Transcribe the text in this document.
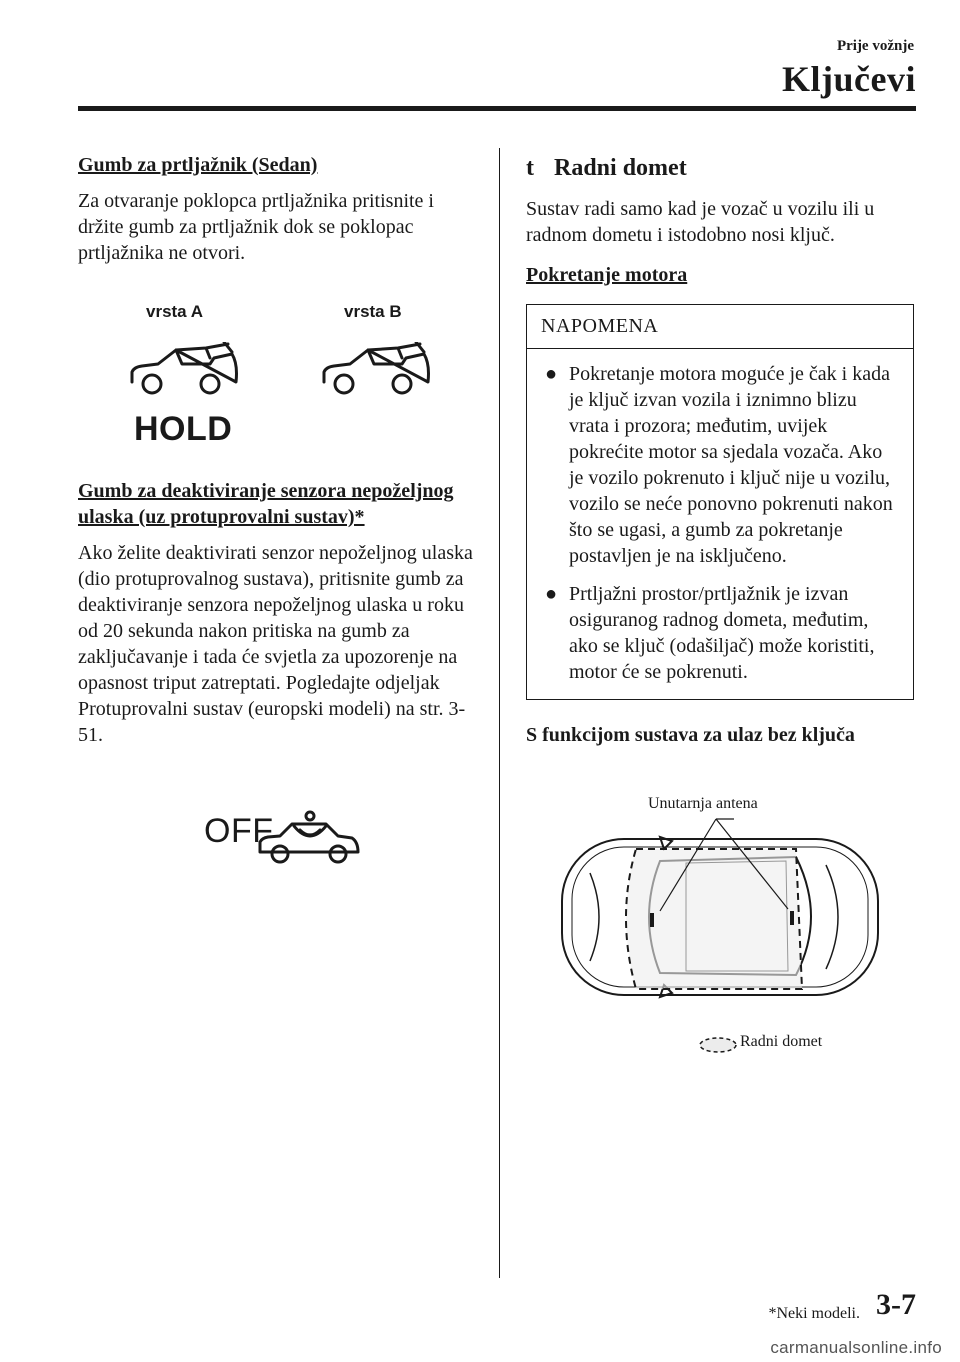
Prije vožnje
Ključevi
Gumb za prtljažnik (Sedan)

Za otvaranje poklopca prtljažnika pritisnite i držite gumb za prtljažnik dok se poklopac prtljažnika ne otvori.

vrsta A	vrsta B
HOLD
Gumb za deaktiviranje senzora nepoželjnog ulaska (uz protuprovalni sustav)*

Ako želite deaktivirati senzor nepoželjnog ulaska (dio protuprovalnog sustava), pritisnite gumb za deaktiviranje senzora nepoželjnog ulaska u roku od 20 sekunda nakon pritiska na gumb za zaključavanje i tada će svjetla za upozorenje na opasnost triput zatreptati. Pogledajte odjeljak Protuprovalni sustav (europski modeli) na str. 3-51.

OFF
t Radni domet

Sustav radi samo kad je vozač u vozilu ili u radnom dometu i istodobno nosi ključ.

Pokretanje motora
NAPOMENA
● Pokretanje motora moguće je čak i kada je ključ izvan vozila i iznimno blizu vrata i prozora; međutim, uvijek pokrećite motor sa sjedala vozača. Ako je vozilo pokrenuto i ključ nije u vozilu, vozilo se neće ponovno pokrenuti nakon što se ugasi, a gumb za pokretanje postavljen je na isključeno.
● Prtljažni prostor/prtljažnik je izvan osiguranog radnog dometa, međutim, ako se ključ (odašiljač) može koristiti, motor će se pokrenuti.
S funkcijom sustava za ulaz bez ključa
Unutarnja antena
Radni domet
*Neki modeli. 3-7
carmanualsonline.info
